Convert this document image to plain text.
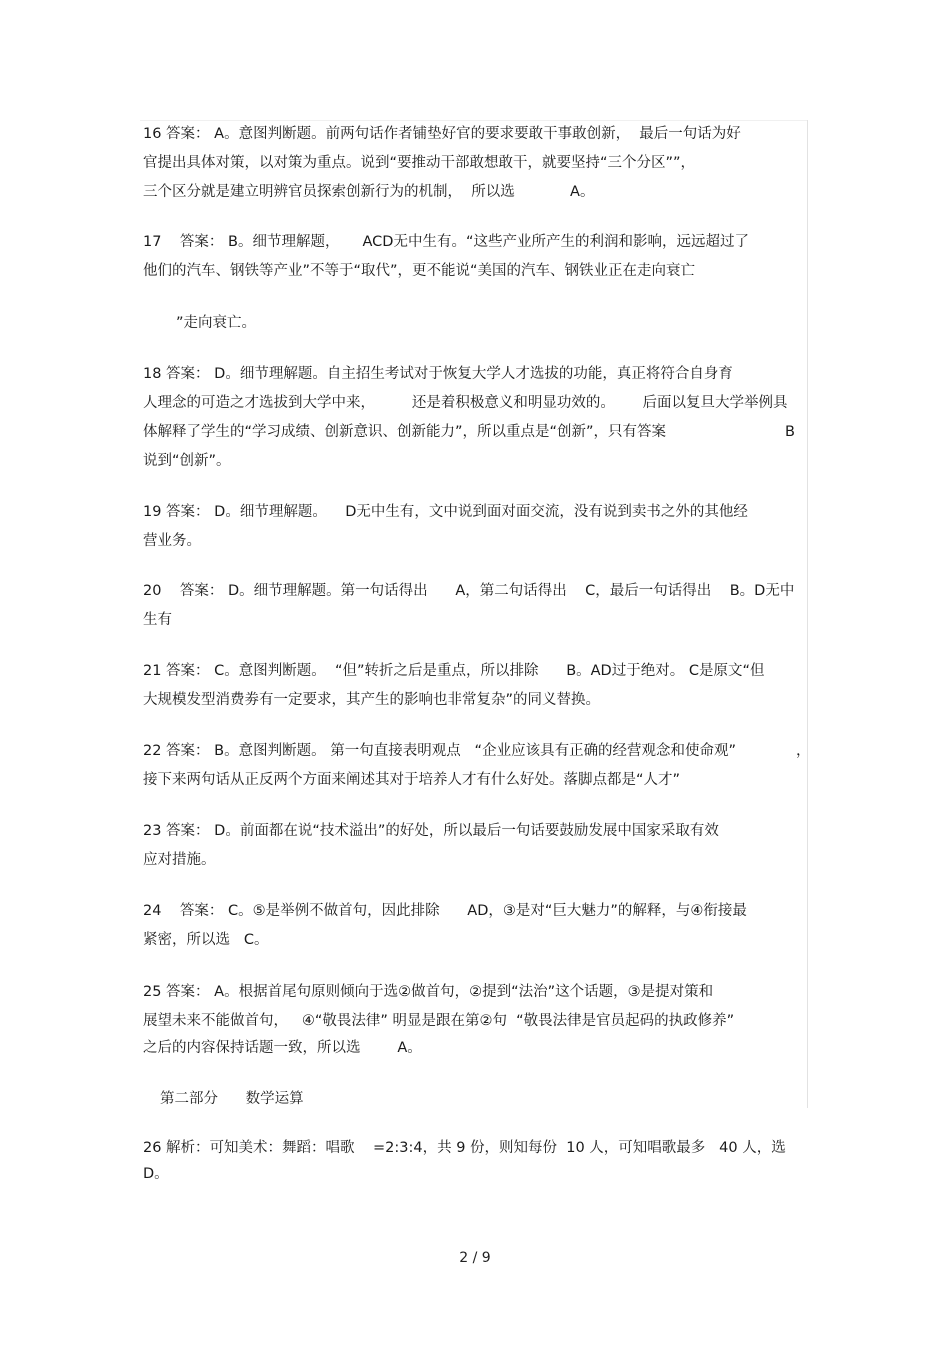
16 答案： A。意图判断题。前两句话作者铺垫好官的要求要敢干事敢创新，  最后一句话为好
官提出具体对策，以对策为重点。说到“要推动干部敢想敢干，就要坚持“三个分区””，
三个区分就是建立明辨官员探索创新行为的机制，  所以选            A。
17    答案： B。细节理解题，     ACD无中生有。“这些产业所产生的利润和影响，远远超过了
他们的汽车、钢铁等产业”不等于“取代”，更不能说“美国的汽车、钢铁业正在走向衰亡
”走向衰亡。
18 答案： D。细节理解题。自主招生考试对于恢复大学人才选拔的功能，真正将符合自身育
人理念的可造之才选拔到大学中来，        还是着积极意义和明显功效的。      后面以复旦大学举例具
体解释了学生的“学习成绩、创新意识、创新能力”，所以重点是“创新”，只有答案	B
说到“创新”。
19 答案： D。细节理解题。    D无中生有，文中说到面对面交流，没有说到卖书之外的其他经
营业务。
20    答案： D。细节理解题。第一句话得出      A，第二句话得出    C，最后一句话得出    B。D无中
生有
21 答案： C。意图判断题。  “但”转折之后是重点，所以排除      B。AD过于绝对。 C是原文“但
大规模发型消费劵有一定要求，其产生的影响也非常复杂”的同义替换。
22 答案： B。意图判断题。 第一句直接表明观点   “企业应该具有正确的经营观念和使命观”	，
接下来两句话从正反两个方面来阐述其对于培养人才有什么好处。落脚点都是“人才”
23 答案： D。前面都在说“技术溢出”的好处，所以最后一句话要鼓励发展中国家采取有效
应对措施。
24    答案： C。⑤是举例不做首句，因此排除      AD，③是对“巨大魅力”的解释，与④衔接最
紧密，所以选   C。
25 答案： A。根据首尾句原则倾向于选②做首句，②提到“法治”这个话题，③是提对策和
展望未来不能做首句，   ④“敬畏法律” 明显是跟在第②句  “敬畏法律是官员起码的执政修养”
之后的内容保持话题一致，所以选        A。
第二部分      数学运算
26 解析：可知美术：舞蹈：唱歌    =2:3:4，共 9 份，则知每份  10 人，可知唱歌最多   40 人，选
D。
2 / 9
